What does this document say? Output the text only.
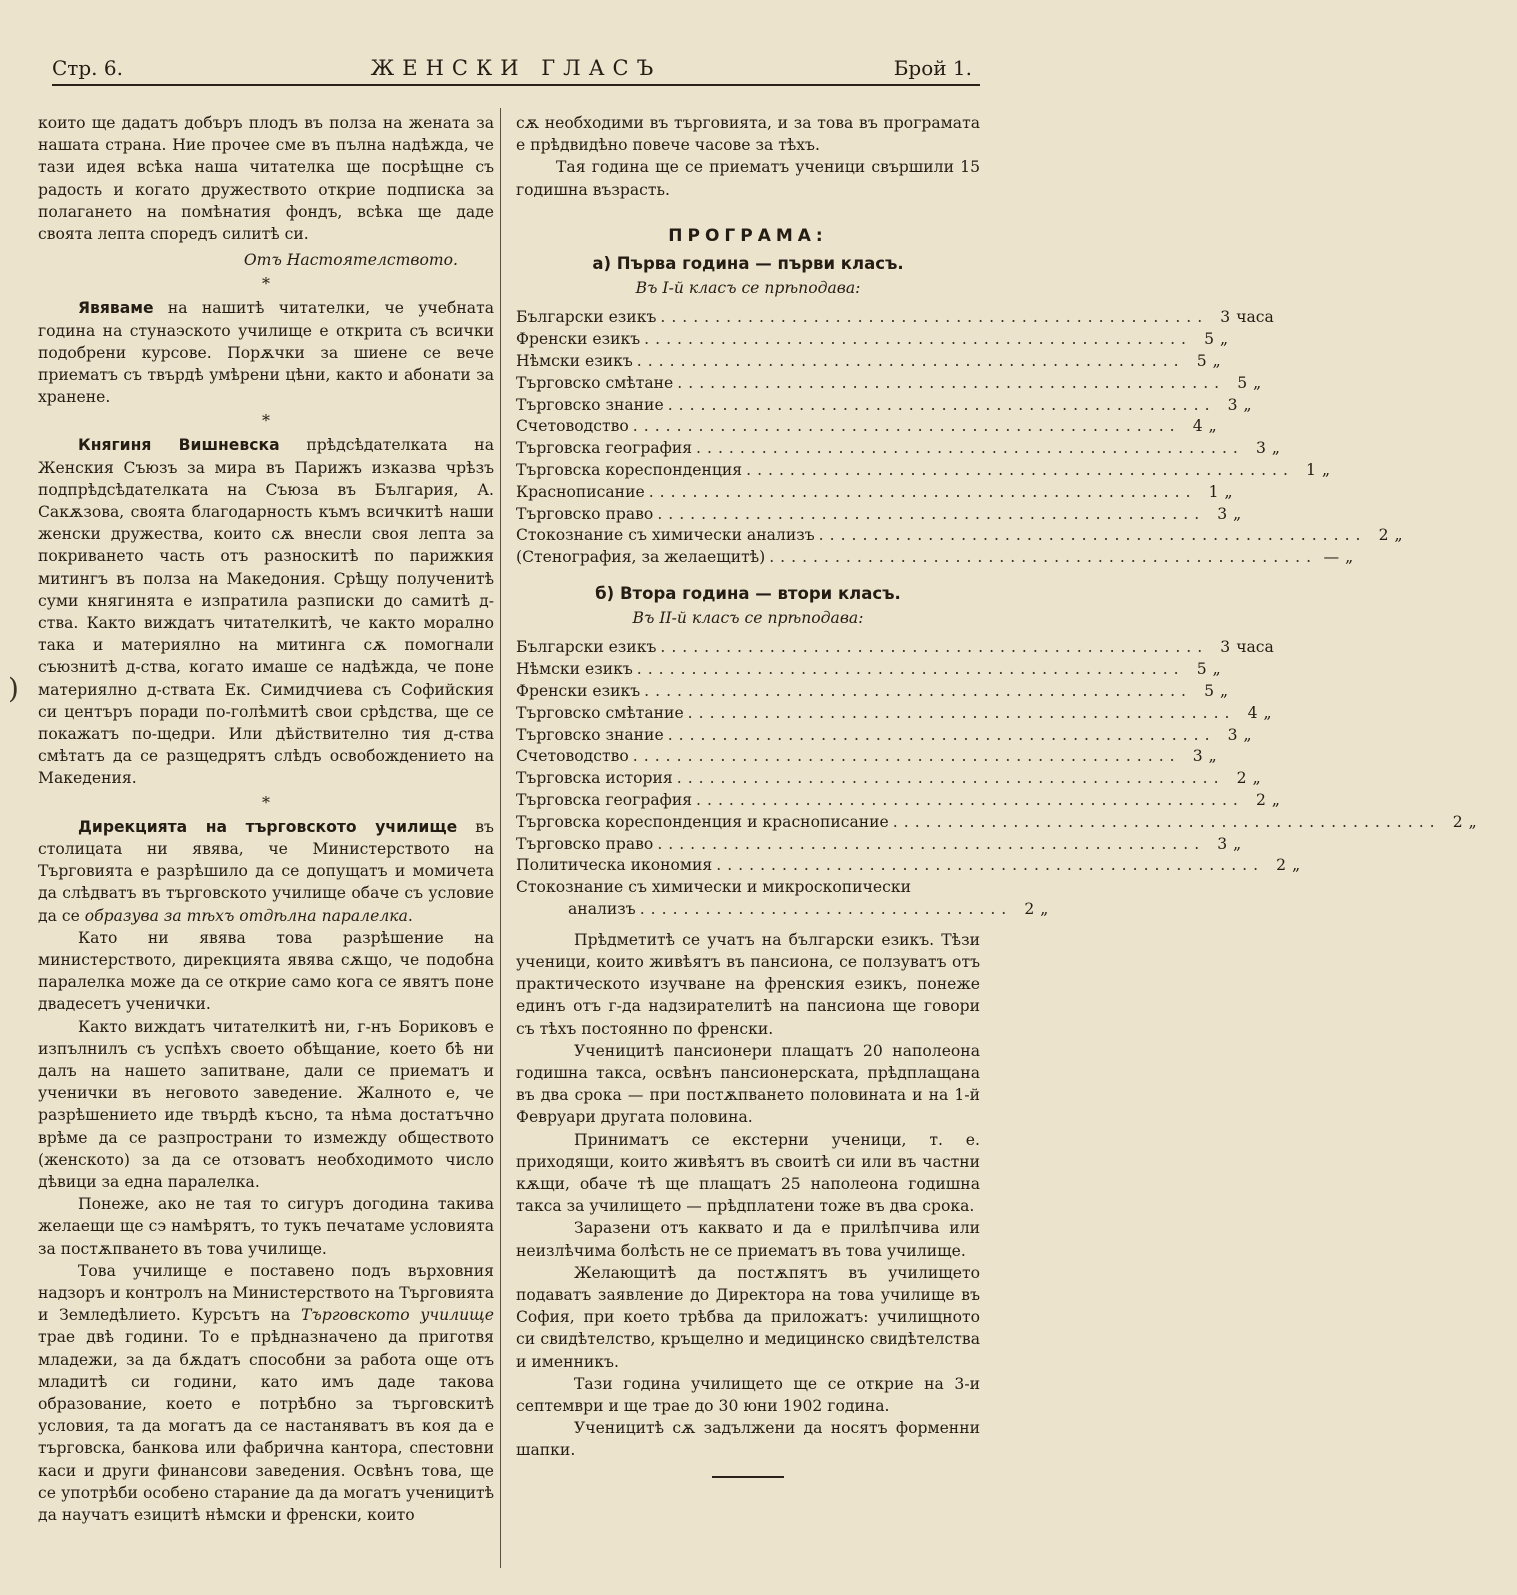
Стр. 6.	ЖЕНСКИ ГЛАСЪ	Брой 1.
)

които ще дадатъ добъръ плодъ въ полза на жената за нашата страна. Ние прочее сме въ пълна надѣжда, че тази идея всѣка наша читателка ще посрѣщне съ радость и когато дружеството открие подписка за полагането на помѣнатия фондъ, всѣка ще даде своята лепта споредъ силитѣ си.

Отъ Настоятелството.

*

Явяваме на нашитѣ читателки, че учебната година на стунаэското училище е открита съ всички подобрени курсове. Порѫчки за шиене се вече приематъ съ твърдѣ умѣрени цѣни, както и абонати за хранене.

*

Княгиня Вишневска прѣдсѣдателката на Женския Съюзъ за мира въ Парижъ изказва чрѣзъ подпрѣдсѣдателката на Съюза въ България, А. Сакѫзова, своята благодарность къмъ всичкитѣ наши женски дружества, които сѫ внесли своя лепта за покриването часть отъ разноскитѣ по парижкия митингъ въ полза на Македония. Срѣщу полученитѣ суми княгинята е изпратила разписки до самитѣ д-ства. Както виждатъ читателкитѣ, че както морално така и материялно на митинга сѫ помогнали съюзнитѣ д-ства, когато имаше се надѣжда, че поне материялно д-ствата Ек. Симидчиева съ Софийския си центъръ поради по-голѣмитѣ свои срѣдства, ще се покажатъ по-щедри. Или дѣйствително тия д-ства смѣтатъ да се разщедрятъ слѣдъ освобождението на Македения.

*

Дирекцията на търговското училище въ столицата ни явява, че Министерството на Търговията е разрѣшило да се допущатъ и момичета да слѣдватъ въ търговското училище обаче съ условие да се образува за тѣхъ отдѣлна паралелка.

Като ни явява това разрѣшение на министерството, дирекцията явява сѫщо, че подобна паралелка може да се открие само кога се явятъ поне двадесетъ ученички.

Както виждатъ читателкитѣ ни, г-нъ Бориковъ е изпълнилъ съ успѣхъ своето обѣщание, което бѣ ни далъ на нашето запитване, дали се приематъ и ученички въ неговото заведение. Жалното е, че разрѣшението иде твърдѣ късно, та нѣма достатъчно врѣме да се разпространи то измежду обществото (женското) за да се отзоватъ необходимото число дѣвици за една паралелка.

Понеже, ако не тая то сигуръ догодина такива желаещи ще сэ намѣрятъ, то тукъ печатаме условията за постѫпването въ това училище.

Това училище е поставено подъ върховния надзоръ и контролъ на Министерството на Търговията и Земледѣлието. Курсътъ на Търговското училище трае двѣ години. То е прѣдназначено да приготвя младежи, за да бѫдатъ способни за работа още отъ младитѣ си години, като имъ даде такова образование, което е потрѣбно за търговскитѣ условия, та да могатъ да се настаняватъ въ коя да е търговска, банкова или фабрична кантора, спестовни каси и други финансови заведения. Освѣнъ това, ще се употрѣби особено старание да да могатъ ученицитѣ да научатъ езицитѣ нѣмски и френски, които

сѫ необходими въ търговията, и за това въ програмата е прѣдвидѣно повече часове за тѣхъ.

Тая година ще се приематъ ученици свършили 15 годишна възрасть.

ПРОГРАМА:
а) Първа година — първи класъ.
Въ I-й класъ се прѣподава:
Български езикъ .................................................. 3 часа
Френски езикъ .................................................. 5 „
Нѣмски езикъ .................................................. 5 „
Търговско смѣтане .................................................. 5 „
Търговско знание .................................................. 3 „
Счетоводство .................................................. 4 „
Търговска география .................................................. 3 „
Търговска кореспонденция .................................................. 1 „
Краснописание .................................................. 1 „
Търговско право .................................................. 3 „
Стокознание съ химически анализъ .................................................. 2 „
(Стенография, за желаещитѣ) .................................................. — „
б) Втора година — втори класъ.
Въ II-й класъ се прѣподава:
Български езикъ .................................................. 3 часа
Нѣмски езикъ .................................................. 5 „
Френски езикъ .................................................. 5 „
Търговско смѣтание .................................................. 4 „
Търговско знание .................................................. 3 „
Счетоводство .................................................. 3 „
Търговска история .................................................. 2 „
Търговска география .................................................. 2 „
Търговска кореспонденция и краснописание .................................................. 2 „
Търговско право .................................................. 3 „
Политическа икономия .................................................. 2 „
Стокознание съ химически и микроскопически
анализъ .................................. 2 „

Прѣдметитѣ се учатъ на български езикъ. Тѣзи ученици, които живѣятъ въ пансиона, се ползуватъ отъ практическото изучване на френския езикъ, понеже единъ отъ г-да надзирателитѣ на пансиона ще говори съ тѣхъ постоянно по френски.

Ученицитѣ пансионери плащатъ 20 наполеона годишна такса, освѣнъ пансионерската, прѣдплащана въ два срока — при постѫпването половината и на 1-й Февруари другата половина.

Приниматъ се екстерни ученици, т. е. приходящи, които живѣятъ въ своитѣ си или въ частни кѫщи, обаче тѣ ще плащатъ 25 наполеона годишна такса за училището — прѣдплатени тоже въ два срока.

Заразени отъ каквато и да е прилѣпчива или неизлѣчима болѣсть не се приематъ въ това училище.

Желающитѣ да постѫпятъ въ училището подаватъ заявление до Директора на това училище въ София, при което трѣбва да приложатъ: училищното си свидѣтелство, кръщелно и медицинско свидѣтелства и именникъ.

Тази година училището ще се открие на 3-и септември и ще трае до 30 юни 1902 година.

Ученицитѣ сѫ задължени да носятъ форменни шапки.
